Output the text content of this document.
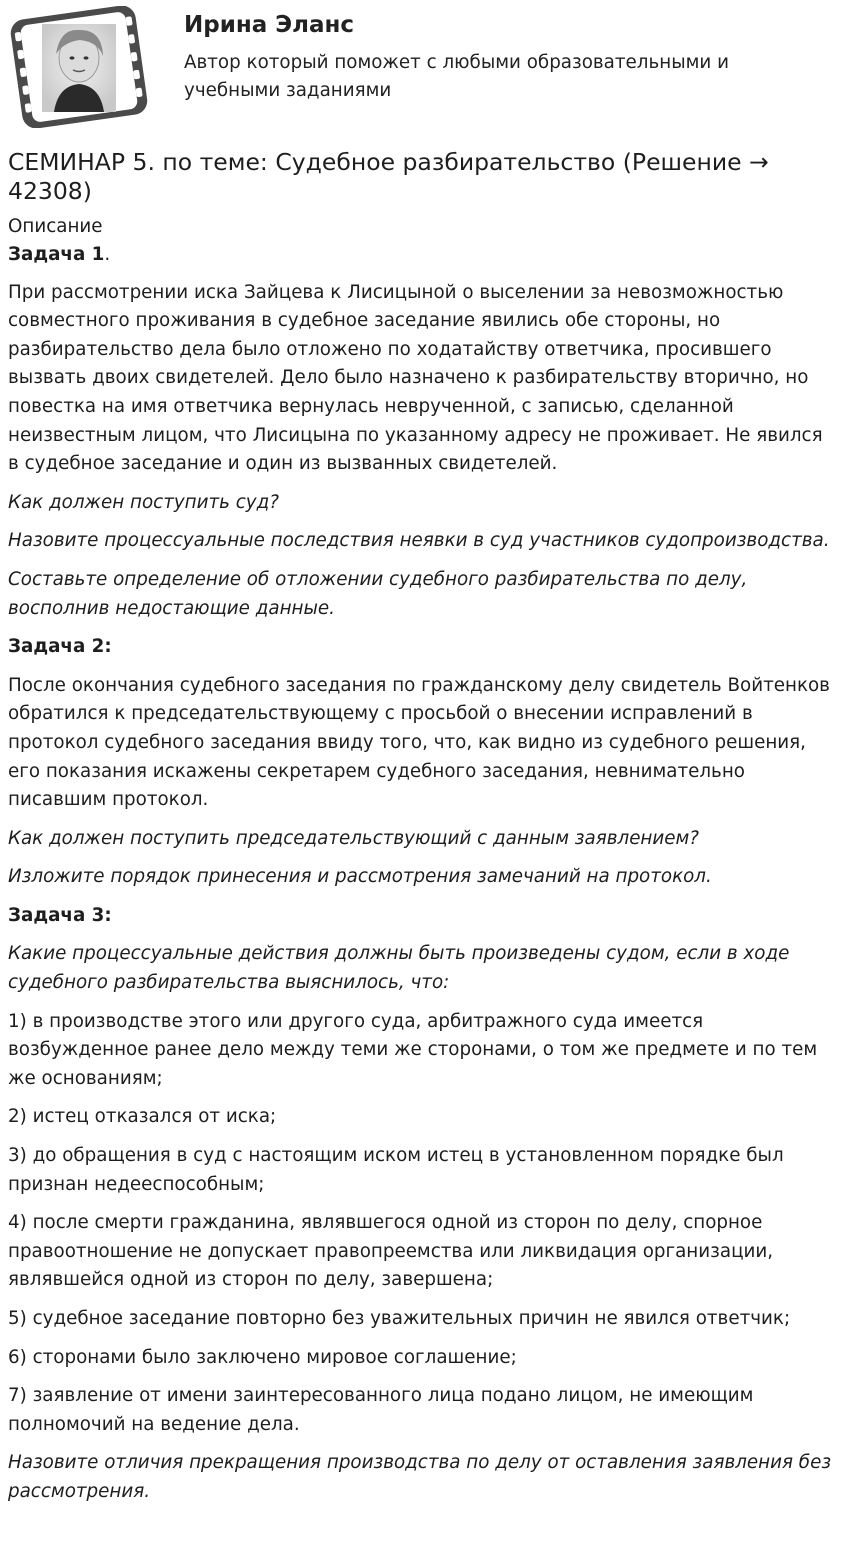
Ирина Эланс

Автор который поможет с любыми образовательными и учебными заданиями

СЕМИНАР 5. по теме: Судебное разбирательство (Решение → 42308)

Описание

Задача 1.

При рассмотрении иска Зайцева к Лисицыной о выселении за невозможностью совместного проживания в судебное заседание явились обе стороны, но разбирательство дела было отложено по ходатайству ответчика, просившего вызвать двоих свидетелей. Дело было назначено к разбирательству вторично, но повестка на имя ответчика вернулась неврученной, с записью, сделанной неизвестным лицом, что Лисицына по указанному адресу не проживает. Не явился в судебное заседание и один из вызванных свидетелей.

Как должен поступить суд?

Назовите процессуальные последствия неявки в суд участников судопроизводства.

Составьте определение об отложении судебного разбирательства по делу, восполнив недостающие данные.

Задача 2:

После окончания судебного заседания по гражданскому делу свидетель Войтенков обратился к председательствующему с просьбой о внесении исправлений в протокол судебного заседания ввиду того, что, как видно из судебного решения, его показания искажены секретарем судебного заседания, невнимательно писавшим протокол.

Как должен поступить председательствующий с данным заявлением?

Изложите порядок принесения и рассмотрения замечаний на протокол.

Задача 3:

Какие процессуальные действия должны быть произведены судом, если в ходе судебного разбирательства выяснилось, что:

1) в производстве этого или другого суда, арбитражного суда имеется возбужденное ранее дело между теми же сторонами, о том же предмете и по тем же основаниям;

2) истец отказался от иска;

3) до обращения в суд с настоящим иском истец в установленном порядке был признан недееспособным;

4) после смерти гражданина, являвшегося одной из сторон по делу, спорное правоотношение не допускает правопреемства или ликвидация организации, являвшейся одной из сторон по делу, завершена;

5) судебное заседание повторно без уважительных причин не явился ответчик;

6) сторонами было заключено мировое соглашение;

7) заявление от имени заинтересованного лица подано лицом, не имеющим полномочий на ведение дела.

Назовите отличия прекращения производства по делу от оставления заявления без рассмотрения.
